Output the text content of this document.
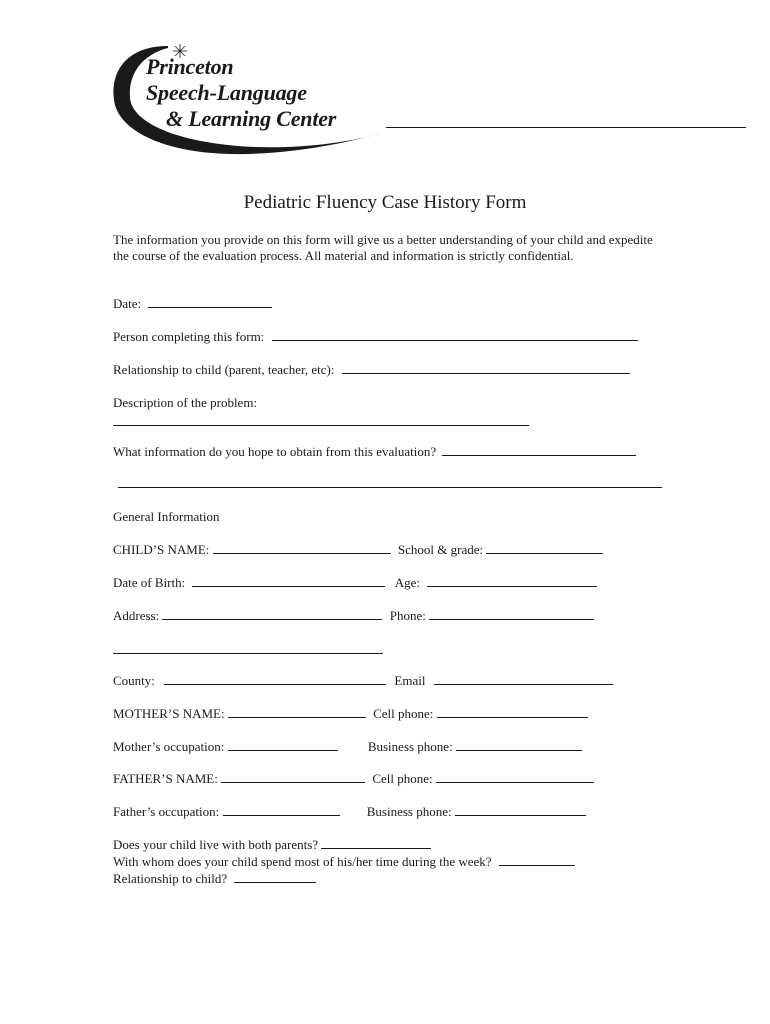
Princeton
Speech-Language
& Learning Center
Pediatric Fluency Case History Form
The information you provide on this form will give us a better understanding of your child and expedite the course of the evaluation process. All material and information is strictly confidential.
Date:
Person completing this form:
Relationship to child (parent, teacher, etc):
Description of the problem:
What information do you hope to obtain from this evaluation?
General Information
CHILD’S NAME:	School & grade:
Date of Birth:	Age:
Address:	Phone:
County:	Email
MOTHER’S NAME:	Cell phone:
Mother’s occupation:	Business phone:
FATHER’S NAME:	Cell phone:
Father’s occupation:	Business phone:
Does your child live with both parents?
With whom does your child spend most of his/her time during the week?
Relationship to child?
